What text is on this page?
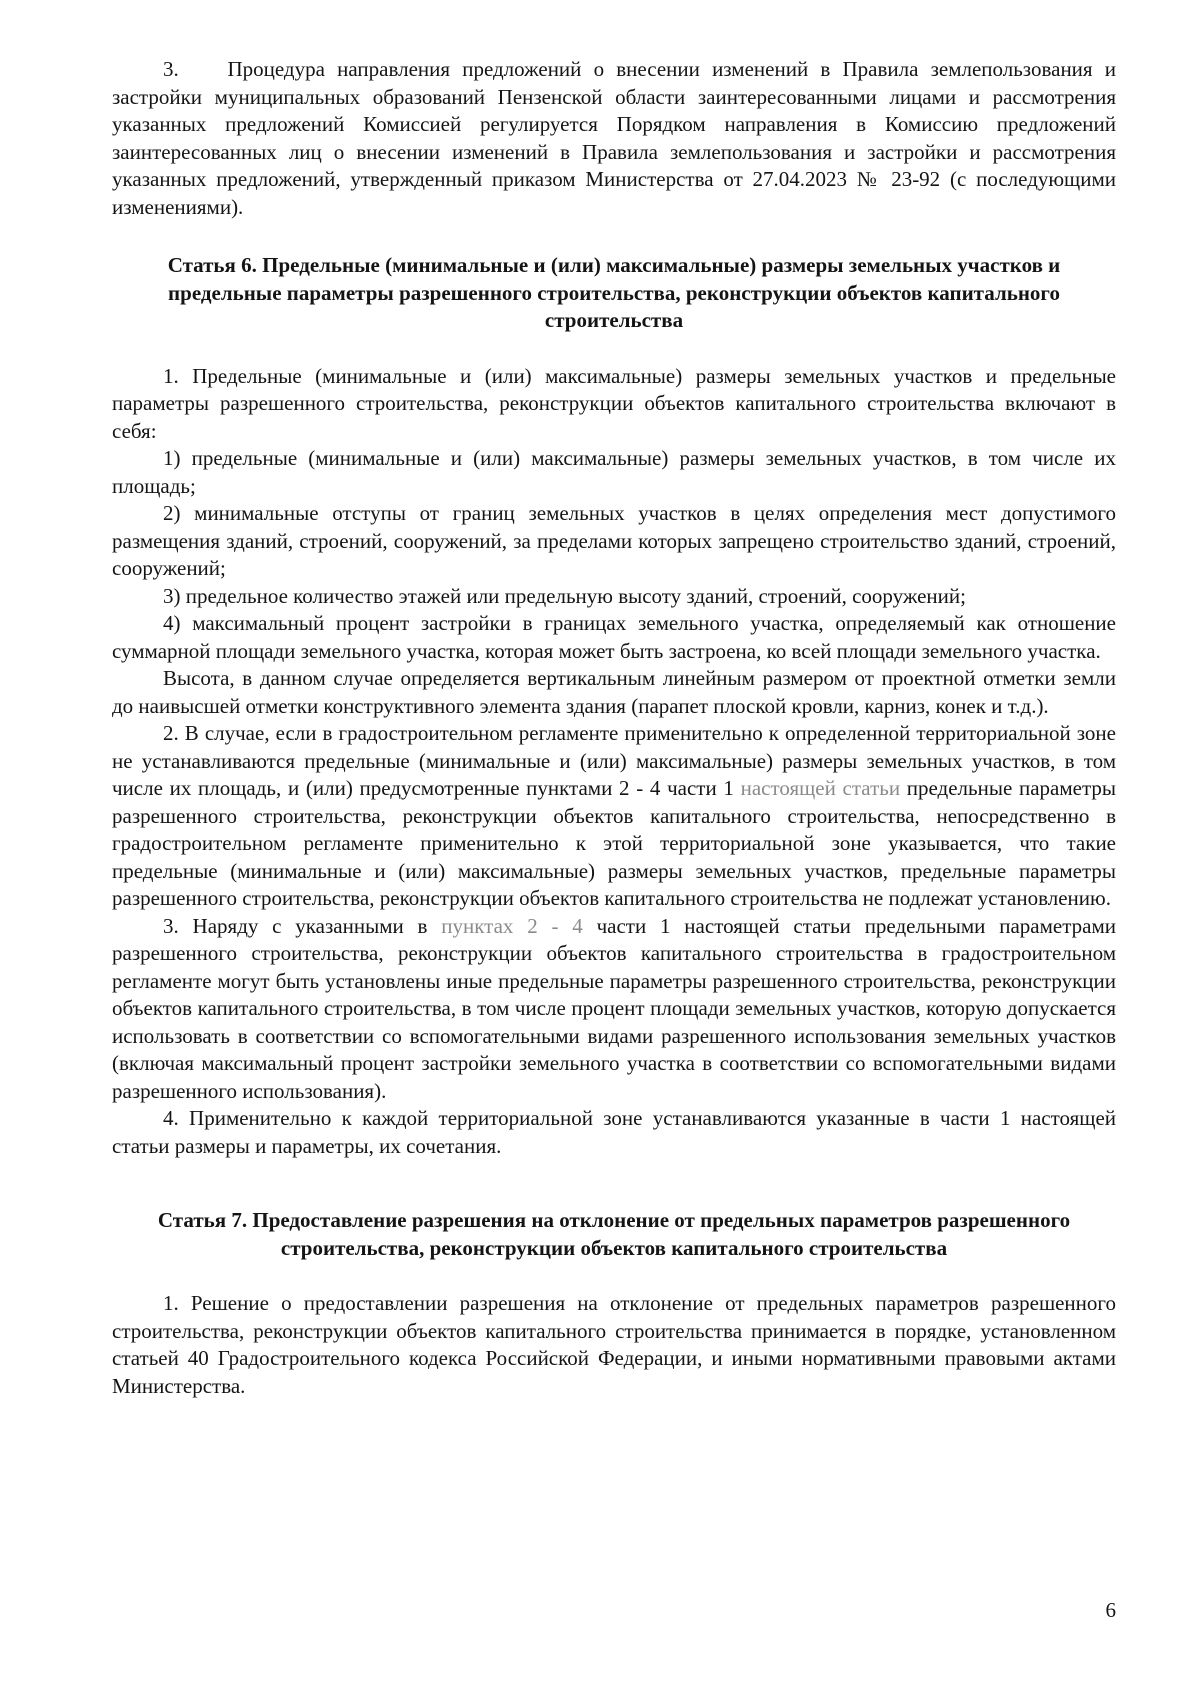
3. Процедура направления предложений о внесении изменений в Правила землепользования и застройки муниципальных образований Пензенской области заинтересованными лицами и рассмотрения указанных предложений Комиссией регулируется Порядком направления в Комиссию предложений заинтересованных лиц о внесении изменений в Правила землепользования и застройки и рассмотрения указанных предложений, утвержденный приказом Министерства от 27.04.2023 № 23-92 (с последующими изменениями).

Статья 6. Предельные (минимальные и (или) максимальные) размеры земельных участков и предельные параметры разрешенного строительства, реконструкции объектов капитального строительства

1. Предельные (минимальные и (или) максимальные) размеры земельных участков и предельные параметры разрешенного строительства, реконструкции объектов капитального строительства включают в себя:

1) предельные (минимальные и (или) максимальные) размеры земельных участков, в том числе их площадь;

2) минимальные отступы от границ земельных участков в целях определения мест допустимого размещения зданий, строений, сооружений, за пределами которых запрещено строительство зданий, строений, сооружений;

3) предельное количество этажей или предельную высоту зданий, строений, сооружений;

4) максимальный процент застройки в границах земельного участка, определяемый как отношение суммарной площади земельного участка, которая может быть застроена, ко всей площади земельного участка.

Высота, в данном случае определяется вертикальным линейным размером от проектной отметки земли до наивысшей отметки конструктивного элемента здания (парапет плоской кровли, карниз, конек и т.д.).

2. В случае, если в градостроительном регламенте применительно к определенной территориальной зоне не устанавливаются предельные (минимальные и (или) максимальные) размеры земельных участков, в том числе их площадь, и (или) предусмотренные пунктами 2 - 4 части 1 настоящей статьи предельные параметры разрешенного строительства, реконструкции объектов капитального строительства, непосредственно в градостроительном регламенте применительно к этой территориальной зоне указывается, что такие предельные (минимальные и (или) максимальные) размеры земельных участков, предельные параметры разрешенного строительства, реконструкции объектов капитального строительства не подлежат установлению.

3. Наряду с указанными в пунктах 2 - 4 части 1 настоящей статьи предельными параметрами разрешенного строительства, реконструкции объектов капитального строительства в градостроительном регламенте могут быть установлены иные предельные параметры разрешенного строительства, реконструкции объектов капитального строительства, в том числе процент площади земельных участков, которую допускается использовать в соответствии со вспомогательными видами разрешенного использования земельных участков (включая максимальный процент застройки земельного участка в соответствии со вспомогательными видами разрешенного использования).

4. Применительно к каждой территориальной зоне устанавливаются указанные в части 1 настоящей статьи размеры и параметры, их сочетания.

Статья 7. Предоставление разрешения на отклонение от предельных параметров разрешенного строительства, реконструкции объектов капитального строительства

1. Решение о предоставлении разрешения на отклонение от предельных параметров разрешенного строительства, реконструкции объектов капитального строительства принимается в порядке, установленном статьей 40 Градостроительного кодекса Российской Федерации, и иными нормативными правовыми актами Министерства.

6
